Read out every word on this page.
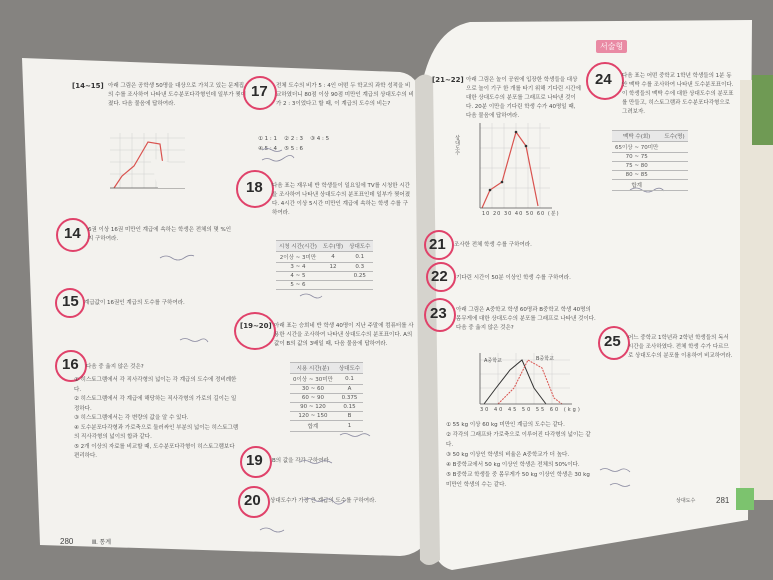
[14~15] 아래 그림은 공학생 50명을 대상으로 가치고 있는 문제집의 수를 조사하여 나타낸 도수분포다각형인데 일부가 찢어졌다. 다음 물음에 답하여라.
14 6권 이상 16권 미만인 계급에 속하는 학생은 전체의 몇 %인지 구하여라.
15 계급값이 16권인 계급의 도수를 구하여라.
16 다음 중 옳지 않은 것은?
① 히스토그램에서 각 직사각형의 넓이는 각 계급의 도수에 정비례한다.
② 히스토그램에서 각 계급에 해당하는 직사각형의 가로의 길이는 일정하다.
③ 히스토그램에서는 각 변량의 값을 알 수 있다.
④ 도수분포다각형과 가로축으로 둘러싸인 부분의 넓이는 히스토그램의 직사각형의 넓이의 합과 같다.
⑤ 2개 이상의 자료를 비교할 때, 도수분포다각형이 히스토그램보다 편리하다.
280	Ⅲ. 통계
17 전체 도수의 비가 5 : 4인 어떤 두 학교의 과학 성적을 비교하였더니 80점 이상 90점 미만인 계급의 상대도수의 비가 2 : 3이었다고 할 때, 이 계급의 도수의 비는?
① 1 : 1 ② 2 : 3 ③ 4 : 5
④ 5 : 4 ⑤ 5 : 6
18 다음 표는 재우네 반 학생들이 일요일에 TV를 시청한 시간을 조사하여 나타낸 상대도수의 분포표인데 일부가 찢어졌다. 4시간 이상 5시간 미만인 계급에 속하는 학생 수를 구하여라.
시청 시간(시간)	도수(명)	상대도수
2이상 ~ 3미만	4	0.1
3 ~ 4	12	0.3
4 ~ 5		0.25
5 ~ 6		
[19~20] 아래 표는 승희네 반 학생 40명이 지난 주말에 컴퓨터를 사용한 시간을 조사하여 나타낸 상대도수의 분포표이다. A의 값이 B의 값의 3배일 때, 다음 물음에 답하여라.
시용 시간(분)	상대도수
0이상 ~ 30미만	0.1
30 ~ 60	A
60 ~ 90	0.375
90 ~ 120	0.15
120 ~ 150	B
합계	1
19 B의 값을 각각 구하여라.
20 상대도수가 가장 큰 계급의 도수를 구하여라.
서술형
[21~22] 아래 그림은 놀이 공원에 입장한 학생들을 대상으로 놀이 기구 한 개를 타기 위해 기다린 시간에 대한 상대도수의 분포를 그래프로 나타낸 것이다. 20분 이만을 기다린 학생 수가 40명일 때, 다음 물음에 답하여라.
상대도수
10 20 30 40 50 60 (분)
21 조사한 전체 학생 수를 구하여라.
22 기다린 시간이 50분 이상인 학생 수를 구하여라.
23 아래 그림은 A중학교 학생 60명과 B중학교 학생 40명의 몸무게에 대한 상대도수의 분포를 그래프로 나타낸 것이다. 다음 중 옳지 않은 것은?
A중학교	B중학교
30 40 45 50 55 60 (kg)
① 55 kg 이상 60 kg 미만인 계급의 도수는 같다.
② 각각의 그래프와 가로축으로 이루어진 다각형의 넓이는 같다.
③ 50 kg 이상인 학생의 비율은 A중학교가 더 높다.
④ B중학교에서 50 kg 이상인 학생은 전체의 50%이다.
⑤ B중학교 학생들 중 몸무게가 50 kg 이상인 학생은 30 kg 미만인 학생의 수는 같다.
24 다음 표는 어떤 중학교 1학년 학생들의 1분 동안 맥박 수를 조사하여 나타낸 도수분포표이다. 이 학생들의 맥박 수에 대한 상대도수의 분포표를 만들고, 히스토그램과 도수분포다각형으로 그려보자.
맥박 수(회)	도수(명)
65이상 ~ 70미만	
70 ~ 75	
75 ~ 80	
80 ~ 85	
합계	
25 어느 중학교 1학년과 2학년 학생들의 독서 시간을 조사하였다. 전체 학생 수가 다르므로 상대도수의 분포를 이용하여 비교하여라.
281
상대도수
